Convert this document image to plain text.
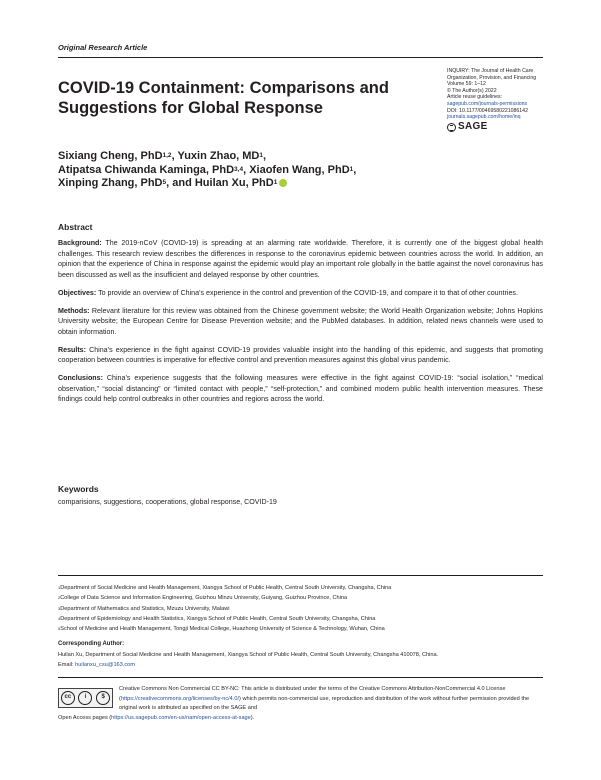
Original Research Article
COVID-19 Containment: Comparisons and Suggestions for Global Response
INQUIRY: The Journal of Health Care
Organization, Provision, and Financing
Volume 59: 1–12
© The Author(s) 2022
Article reuse guidelines:
sagepub.com/journals-permissions
DOI: 10.1177/00469580221086142
journals.sagepub.com/home/inq
SAGE
Sixiang Cheng, PhD$^{1,2}$, Yuxin Zhao, $MD^1$,
Atipatsa Chiwanda Kaminga, PhD$^{3,4}$, Xiaofen Wang, PhD$^1$,
Xinping Zhang, PhD$^5$, and Huilan Xu, PhD$^1$
Abstract

Background: The 2019-nCoV (COVID-19) is spreading at an alarming rate worldwide. Therefore, it is currently one of the biggest global health challenges. This research review describes the differences in response to the coronavirus epidemic between countries across the world. In addition, an opinion that the experience of China in response against the epidemic would play an important role globally in the battle against the novel coronavirus has been discussed as well as the insufficient and delayed response by other countries.

Objectives: To provide an overview of China’s experience in the control and prevention of the COVID-19, and compare it to that of other countries.

Methods: Relevant literature for this review was obtained from the Chinese government website; the World Health Organization website; Johns Hopkins University website; the European Centre for Disease Prevention website; and the PubMed databases. In addition, related news channels were used to obtain information.

Results: China’s experience in the fight against COVID-19 provides valuable insight into the handling of this epidemic, and suggests that promoting cooperation between countries is imperative for effective control and prevention measures against this global virus pandemic.

Conclusions: China’s experience suggests that the following measures were effective in the fight against COVID-19: “social isolation,” “medical observation,” “social distancing” or “limited contact with people,” “self-protection,” and combined modern public health intervention measures. These findings could help control outbreaks in other countries and regions across the world.

Keywords
comparisions, suggestions, cooperations, global response, COVID-19
$^1$Department of Social Medicine and Health Management, Xiangya School of Public Health, Central South University, Changsha, China
$^2$College of Data Science and Information Engineering, Guizhou Minzu University, Guiyang, Guizhou Province, China
$^3$Department of Mathematics and Statistics, Mzuzu University, Malawi
$^4$Department of Epidemiology and Health Statistics, Xiangya School of Public Health, Central South University, Changsha, China
$^5$School of Medicine and Health Management, Tongji Medical College, Huazhong University of Science & Technology, Wuhan, China
Corresponding Author:
Huilan Xu, Department of Social Medicine and Health Management, Xiangya School of Public Health, Central South University, Changsha 410078, China.
Email: huilanxu_csu@163.com
cc	i	$
Creative Commons Non Commercial CC BY-NC: This article is distributed under the terms of the Creative Commons Attribution-NonCommercial 4.0 License (https://creativecommons.org/licenses/by-nc/4.0/) which permits non-commercial use, reproduction and distribution of the work without further permission provided the original work is attributed as specified on the SAGE and
Open Access pages (https://us.sagepub.com/en-us/nam/open-access-at-sage).
